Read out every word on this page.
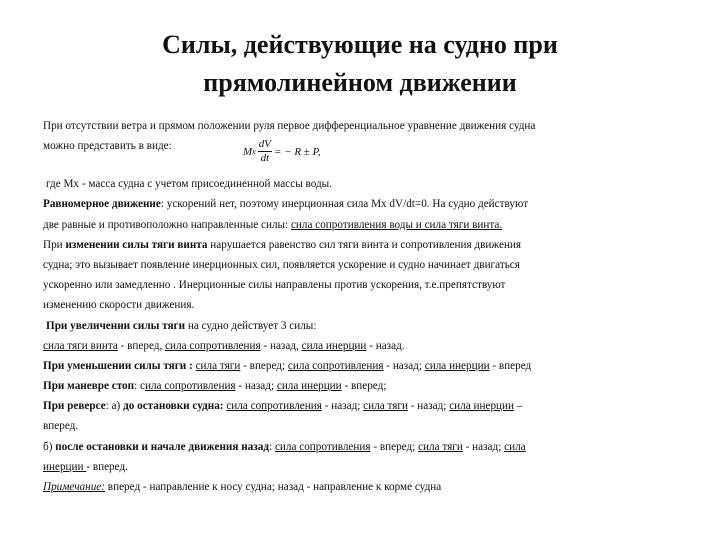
Силы, действующие на судно при
прямолинейном движении
При отсутствии ветра и прямом положении руля первое дифференциальное уравнение движения судна
можно представить в виде:	M x $\frac{dV}{dt}$ = − R ± P,
где Мх - масса судна с учетом присоединенной массы воды.
Равномерное движение: ускорений нет, поэтому инерционная сила Мх dV/dt=0. На судно действуют
две равные и противоположно направленные силы: сила сопротивления воды и сила тяги винта.
При изменении силы тяги винта нарушается равенство сил тяги винта и сопротивления движения
судна; это вызывает появление инерционных сил, появляется ускорение и судно начинает двигаться
ускоренно или замедленно . Инерционные силы направлены против ускорения, т.е.препятствуют
изменению скорости движения.
При увеличении силы тяги на судно действует 3 силы:
сила тяги винта - вперед, сила сопротивления - назад, сила инерции - назад.
При уменьшении силы тяги : сила тяги - вперед; сила сопротивления - назад; сила инерции - вперед
При маневре стоп: сила сопротивления - назад; сила инерции - вперед;
При реверсе: а) до остановки судна: сила сопротивления - назад; сила тяги - назад; сила инерции –
вперед.
б) после остановки и начале движения назад: сила сопротивления - вперед; сила тяги - назад; сила
инерции - вперед.
Примечание: вперед - направление к носу судна; назад - направление к корме судна
